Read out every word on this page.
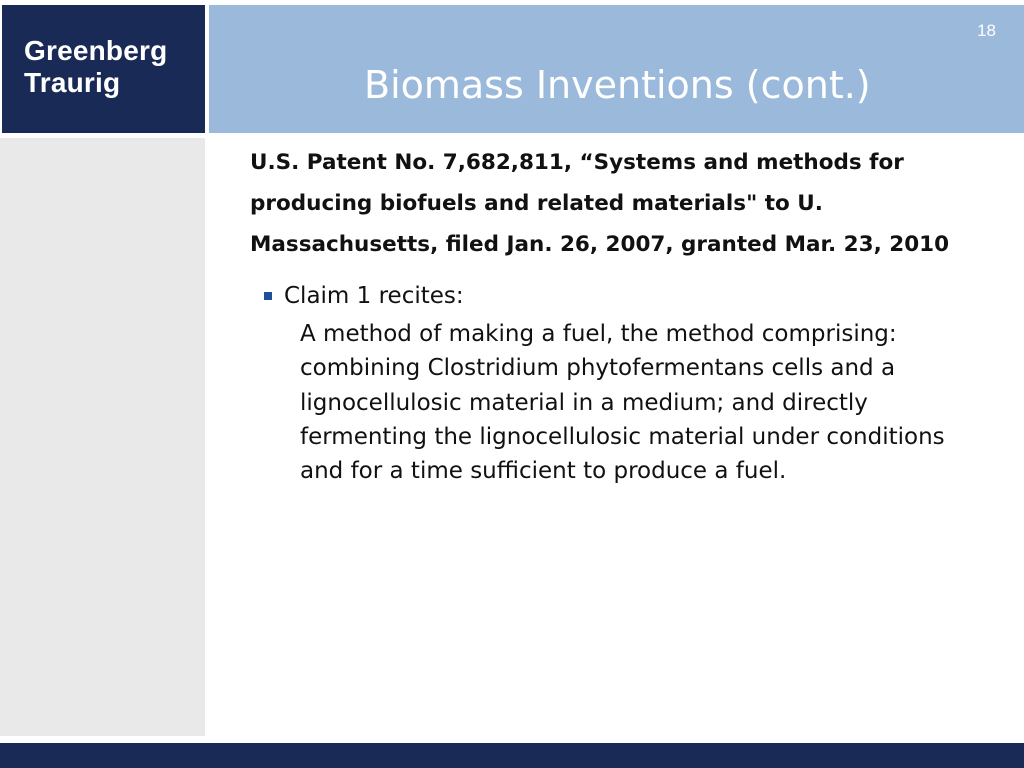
Greenberg
Traurig
18
Biomass Inventions (cont.)

U.S. Patent No. 7,682,811, “Systems and methods for producing biofuels and related materials" to U. Massachusetts, filed Jan. 26, 2007, granted Mar. 23, 2010

Claim 1 recites:

A method of making a fuel, the method comprising: combining Clostridium phytofermentans cells and a lignocellulosic material in a medium; and directly fermenting the lignocellulosic material under conditions and for a time sufficient to produce a fuel.
